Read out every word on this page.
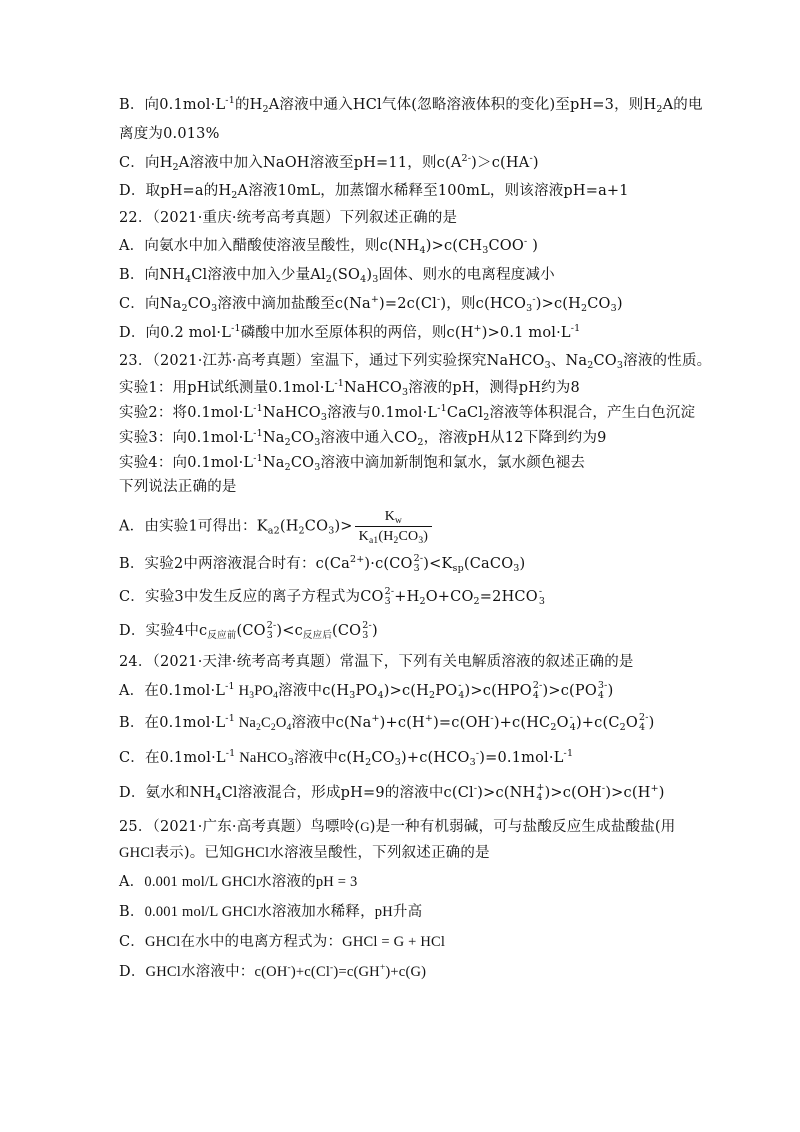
B．向$0.1mol\cdot L^{-1}$的$H_2A$溶液中通入HCl气体(忽略溶液体积的变化)至pH=3，则$H_2A$的电
离度为0.013%
C．向$H_2A$溶液中加入NaOH溶液至pH=11，则$c(A^{2-})>c(HA^-)$
D．取pH=a的$H_2A$溶液10mL，加蒸馏水稀释至100mL，则该溶液pH=a+1
22．（2021·重庆·统考高考真题）下列叙述正确的是
A．向氨水中加入醋酸使溶液呈酸性，则$c(NH_4)>c(CH_3COO^-$ )
B．向$NH_4Cl$溶液中加入少量$Al_2(SO_4)_3$固体、则水的电离程度减小
C．向$Na_2CO_3$溶液中滴加盐酸至c(Na+)=2c(Cl-)，则$c(HCO_3^-)>c(H_2CO_3)$
D．向0.2 $mol\cdot L^{-1}$磷酸中加水至原体积的两倍，则c(H+)>0.1 $mol\cdot L^{-1}$
23．（2021·江苏·高考真题）室温下，通过下列实验探究NaHCO$_3$、$Na_2CO_3$溶液的性质。
实验1：用pH试纸测量$0.1mol\cdot L^{-1}NaHCO_3$溶液的pH，测得pH约为8
实验2：将$0.1mol\cdot L^{-1}NaHCO_3$溶液与$0.1mol\cdot L^{-1}CaCl_2$溶液等体积混合，产生白色沉淀
实验3：向$0.1mol\cdot L^{-1}Na_2CO_3$溶液中通入$CO_2$，溶液pH从12下降到约为9
实验4：向$0.1mol\cdot L^{-1}Na_2CO_3$溶液中滴加新制饱和氯水，氯水颜色褪去
下列说法正确的是
A．由实验1可得出：$K_{a2}(H_2CO_3)> \frac{K_w}{K_{a1}(H_2CO_3)}$
B．实验2中两溶液混合时有：$c(Ca^{2+})\cdot c(CO$ 2-
3 )$<K_{sp}(CaCO_3)$
C．实验3中发生反应的离子方程式为CO 2-
$3 +H_2O+CO_2=2HCO$ -
3
D．实验4中$c_{反应前}(CO$ 2-
3 )$<c_{反应后}(CO$ 2-
3 )
24．（2021·天津·统考高考真题）常温下，下列有关电解质溶液的叙述正确的是
A．在$0.1mol\cdot L^{-1}$ $H_3PO_4$溶液中$c(H_3PO_4)>c(H_2PO$ -
4 )>c(HPO 2-
4 )>c(PO 3-
4 )
B．在$0.1mol\cdot L^{-1}$ $Na_2C_2O_4$溶液中$c(Na^+)+c(H^+)=c(OH^-)+c(HC_2O$ -
4 )$+c(C_2O$ 2-
4 )
C．在$0.1mol\cdot L^{-1}$ NaHCO$_3$溶液中$c(H_2CO_3)+c(HCO_3^-)=0.1mol\cdot L^{-1}$
D．氨水和$NH_4Cl$溶液混合，形成pH=9的溶液中c(Cl-)>c(NH +
4 )>c(OH-)>c(H+)
25．（2021·广东·高考真题）鸟嘌呤(G)是一种有机弱碱，可与盐酸反应生成盐酸盐(用
GHCl表示)。已知GHCl水溶液呈酸性，下列叙述正确的是
A．0.001 mol/L GHCl水溶液的pH = 3
B．0.001 mol/L GHCl水溶液加水稀释，pH升高
C．GHCl在水中的电离方程式为：GHCl = G + HCl
D．GHCl水溶液中：c(OH-)+c(Cl-)=c(GH+)+c(G)
